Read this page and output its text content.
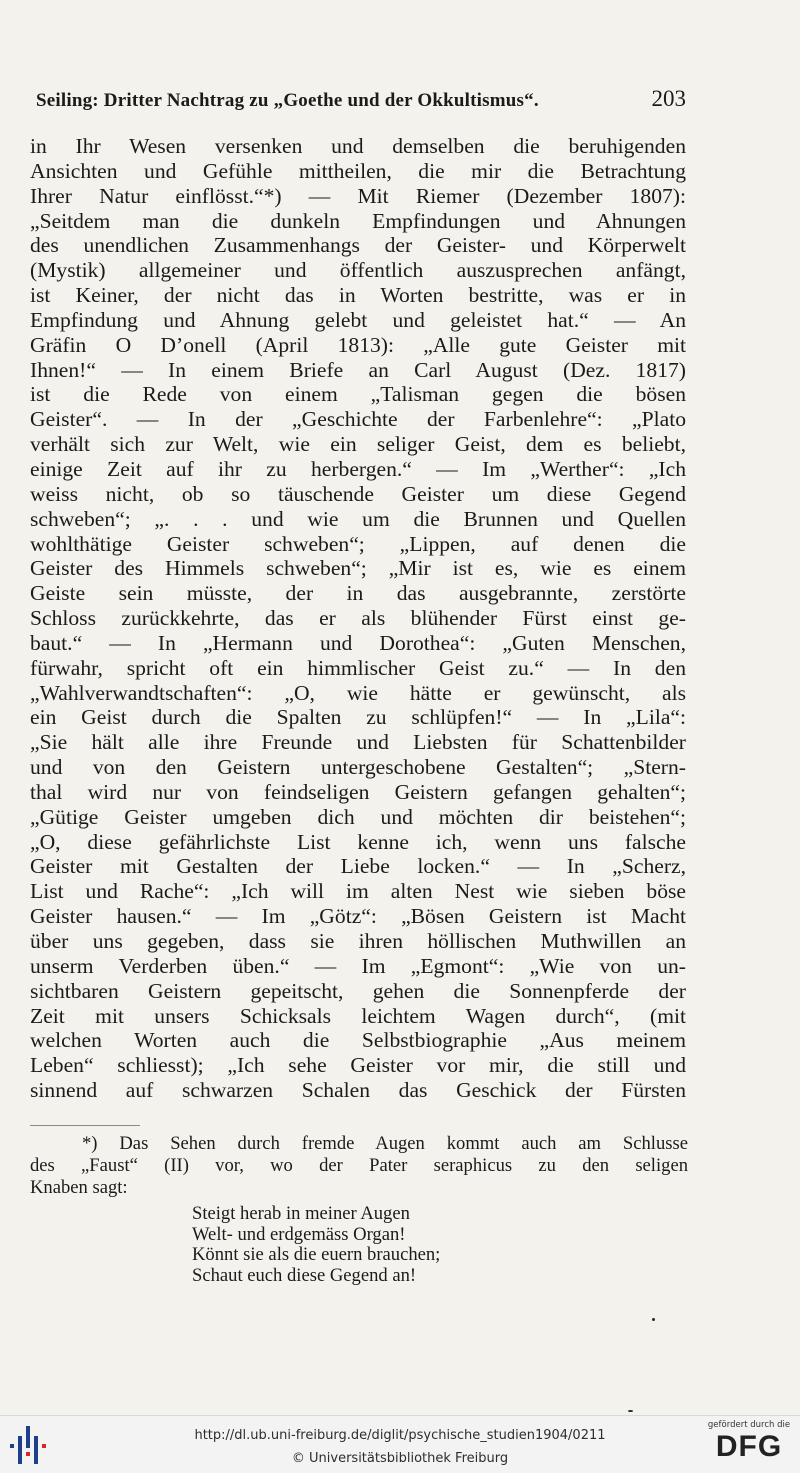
Seiling: Dritter Nachtrag zu „Goethe und der Okkultismus“.	203
in Ihr Wesen versenken und demselben die beruhigenden
Ansichten und Gefühle mittheilen, die mir die Betrachtung
Ihrer Natur einflösst.“*) — Mit Riemer (Dezember 1807):
„Seitdem man die dunkeln Empfindungen und Ahnungen
des unendlichen Zusammenhangs der Geister- und Körperwelt
(Mystik) allgemeiner und öffentlich auszusprechen anfängt,
ist Keiner, der nicht das in Worten bestritte, was er in
Empfindung und Ahnung gelebt und geleistet hat.“ — An
Gräfin O D’onell (April 1813): „Alle gute Geister mit
Ihnen!“ — In einem Briefe an Carl August (Dez. 1817)
ist die Rede von einem „Talisman gegen die bösen
Geister“. — In der „Geschichte der Farbenlehre“: „Plato
verhält sich zur Welt, wie ein seliger Geist, dem es beliebt,
einige Zeit auf ihr zu herbergen.“ — Im „Werther“: „Ich
weiss nicht, ob so täuschende Geister um diese Gegend
schweben“; „. . . und wie um die Brunnen und Quellen
wohlthätige Geister schweben“; „Lippen, auf denen die
Geister des Himmels schweben“; „Mir ist es, wie es einem
Geiste sein müsste, der in das ausgebrannte, zerstörte
Schloss zurückkehrte, das er als blühender Fürst einst ge-
baut.“ — In „Hermann und Dorothea“: „Guten Menschen,
fürwahr, spricht oft ein himmlischer Geist zu.“ — In den
„Wahlverwandtschaften“: „O, wie hätte er gewünscht, als
ein Geist durch die Spalten zu schlüpfen!“ — In „Lila“:
„Sie hält alle ihre Freunde und Liebsten für Schattenbilder
und von den Geistern untergeschobene Gestalten“; „Stern-
thal wird nur von feindseligen Geistern gefangen gehalten“;
„Gütige Geister umgeben dich und möchten dir beistehen“;
„O, diese gefährlichste List kenne ich, wenn uns falsche
Geister mit Gestalten der Liebe locken.“ — In „Scherz,
List und Rache“: „Ich will im alten Nest wie sieben böse
Geister hausen.“ — Im „Götz“: „Bösen Geistern ist Macht
über uns gegeben, dass sie ihren höllischen Muthwillen an
unserm Verderben üben.“ — Im „Egmont“: „Wie von un-
sichtbaren Geistern gepeitscht, gehen die Sonnenpferde der
Zeit mit unsers Schicksals leichtem Wagen durch“, (mit
welchen Worten auch die Selbstbiographie „Aus meinem
Leben“ schliesst); „Ich sehe Geister vor mir, die still und
sinnend auf schwarzen Schalen das Geschick der Fürsten
*) Das Sehen durch fremde Augen kommt auch am Schlusse
des „Faust“ (II) vor, wo der Pater seraphicus zu den seligen
Knaben sagt:
Steigt herab in meiner Augen
Welt- und erdgemäss Organ!
Könnt sie als die euern brauchen;
Schaut euch diese Gegend an!
http://dl.ub.uni-freiburg.de/diglit/psychische_studien1904/0211
© Universitätsbibliothek Freiburg
gefördert durch die
DFG
